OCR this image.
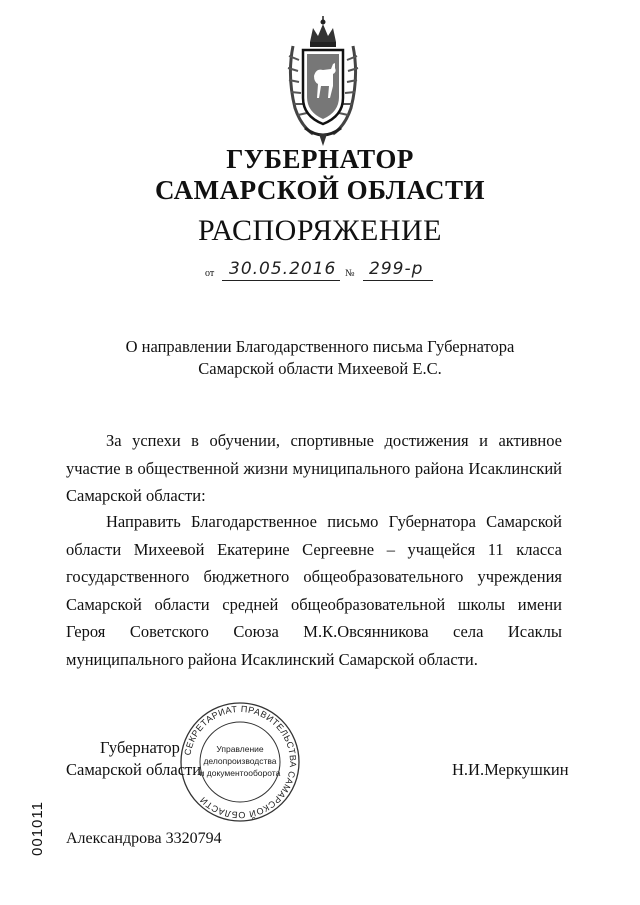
ГУБЕРНАТОР
САМАРСКОЙ ОБЛАСТИ
РАСПОРЯЖЕНИЕ
от 30.05.2016 № 299-р
О направлении Благодарственного письма Губернатора
Самарской области Михеевой Е.С.

За успехи в обучении, спортивные достижения и активное участие в общественной жизни муниципального района Исаклинский Самарской области:

Направить Благодарственное письмо Губернатора Самарской области Михеевой Екатерине Сергеевне – учащейся 11 класса государственного бюджетного общеобразовательного учреждения Самарской области средней общеобразовательной школы имени Героя Советского Союза М.К.Овсянникова села Исаклы муниципального района Исаклинский Самарской области.

СЕКРЕТАРИАТ ПРАВИТЕЛЬСТВА САМАРСКОЙ ОБЛАСТИ
Управление
делопроизводства
и документооборота
Губернатор
Самарской области	Н.И.Меркушкин
001011 Александрова 3320794
